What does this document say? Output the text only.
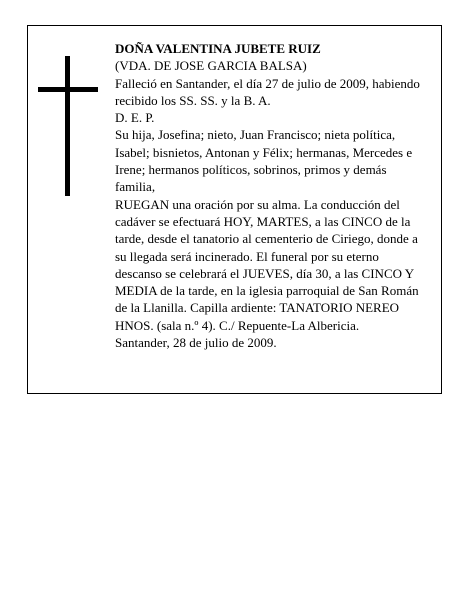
DOÑA VALENTINA JUBETE RUIZ

(VDA. DE JOSE GARCIA BALSA)

Falleció en Santander, el día 27 de julio de 2009, habiendo recibido los SS. SS. y la B. A.

D. E. P.

Su hija, Josefina; nieto, Juan Francisco; nieta política, Isabel; bisnietos, Antonan y Félix; hermanas, Mercedes e Irene; hermanos políticos, sobrinos, primos y demás familia,

RUEGAN una oración por su alma. La conducción del cadáver se efectuará HOY, MARTES, a las CINCO de la tarde, desde el tanatorio al cementerio de Ciriego, donde a su llegada será incinerado. El funeral por su eterno descanso se celebrará el JUEVES, día 30, a las CINCO Y MEDIA de la tarde, en la iglesia parroquial de San Román de la Llanilla. Capilla ardiente: TANATORIO NEREO HNOS. (sala n.º 4). C./ Repuente-La Albericia.

Santander, 28 de julio de 2009.
